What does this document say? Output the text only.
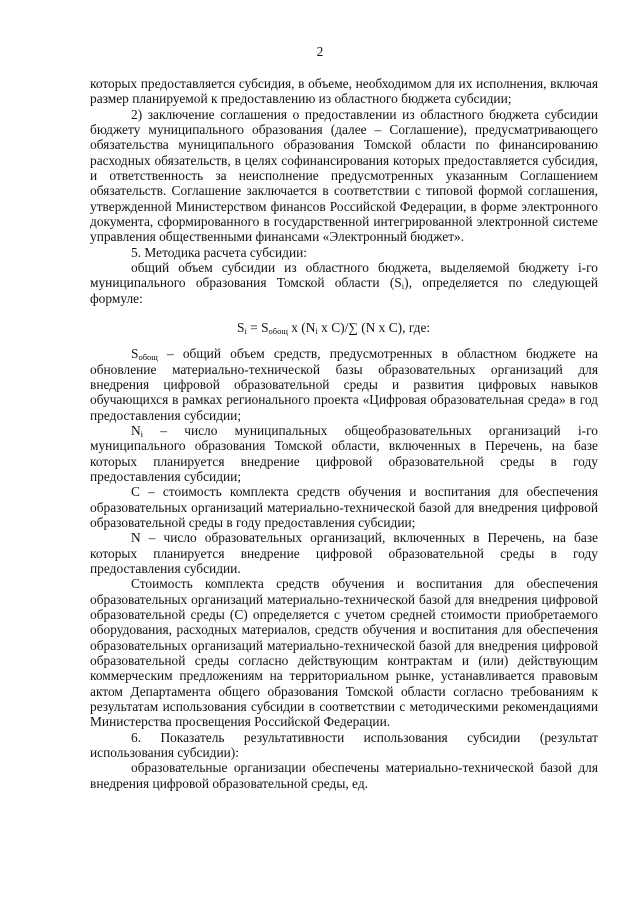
2

которых предоставляется субсидия, в объеме, необходимом для их исполнения, включая размер планируемой к предоставлению из областного бюджета субсидии;

2) заключение соглашения о предоставлении из областного бюджета субсидии бюджету муниципального образования (далее – Соглашение), предусматривающего обязательства муниципального образования Томской области по финансированию расходных обязательств, в целях софинансирования которых предоставляется субсидия, и ответственность за неисполнение предусмотренных указанным Соглашением обязательств. Соглашение заключается в соответствии с типовой формой соглашения, утвержденной Министерством финансов Российской Федерации, в форме электронного документа, сформированного в государственной интегрированной электронной системе управления общественными финансами «Электронный бюджет».

5. Методика расчета субсидии:

общий объем субсидии из областного бюджета, выделяемой бюджету i-го муниципального образования Томской области $(S_i)$, определяется по следующей формуле:

$S_i = S_{обощ}$ x ($N_i$ x C)/∑ (N x C), где:

$S_{обощ}$ – общий объем средств, предусмотренных в областном бюджете на обновление материально-технической базы образовательных организаций для внедрения цифровой образовательной среды и развития цифровых навыков обучающихся в рамках регионального проекта «Цифровая образовательная среда» в год предоставления субсидии;

$N_i$ – число муниципальных общеобразовательных организаций i-го муниципального образования Томской области, включенных в Перечень, на базе которых планируется внедрение цифровой образовательной среды в году предоставления субсидии;

C – стоимость комплекта средств обучения и воспитания для обеспечения образовательных организаций материально-технической базой для внедрения цифровой образовательной среды в году предоставления субсидии;

N – число образовательных организаций, включенных в Перечень, на базе которых планируется внедрение цифровой образовательной среды в году предоставления субсидии.

Стоимость комплекта средств обучения и воспитания для обеспечения образовательных организаций материально-технической базой для внедрения цифровой образовательной среды (C) определяется с учетом средней стоимости приобретаемого оборудования, расходных материалов, средств обучения и воспитания для обеспечения образовательных организаций материально-технической базой для внедрения цифровой образовательной среды согласно действующим контрактам и (или) действующим коммерческим предложениям на территориальном рынке, устанавливается правовым актом Департамента общего образования Томской области согласно требованиям к результатам использования субсидии в соответствии с методическими рекомендациями Министерства просвещения Российской Федерации.

6. Показатель результативности использования субсидии (результат использования субсидии):

образовательные организации обеспечены материально-технической базой для внедрения цифровой образовательной среды, ед.
